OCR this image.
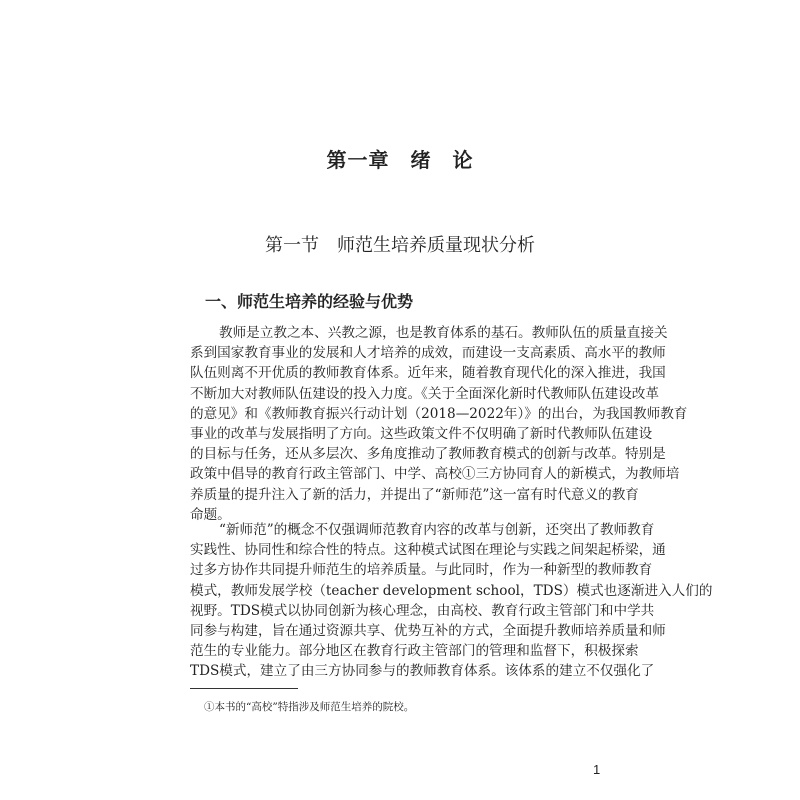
第一章　绪　论
第一节　师范生培养质量现状分析
一、师范生培养的经验与优势
教师是立教之本、兴教之源，也是教育体系的基石。教师队伍的质量直接关
系到国家教育事业的发展和人才培养的成效，而建设一支高素质、高水平的教师
队伍则离不开优质的教师教育体系。近年来，随着教育现代化的深入推进，我国
不断加大对教师队伍建设的投入力度。《关于全面深化新时代教师队伍建设改革
的意见》和《教师教育振兴行动计划（2018—2022年）》的出台，为我国教师教育
事业的改革与发展指明了方向。这些政策文件不仅明确了新时代教师队伍建设
的目标与任务，还从多层次、多角度推动了教师教育模式的创新与改革。特别是
政策中倡导的教育行政主管部门、中学、高校①三方协同育人的新模式，为教师培
养质量的提升注入了新的活力，并提出了“新师范”这一富有时代意义的教育
命题。
“新师范”的概念不仅强调师范教育内容的改革与创新，还突出了教师教育
实践性、协同性和综合性的特点。这种模式试图在理论与实践之间架起桥梁，通
过多方协作共同提升师范生的培养质量。与此同时，作为一种新型的教师教育
模式，教师发展学校（teacher development school，TDS）模式也逐渐进入人们的
视野。TDS模式以协同创新为核心理念，由高校、教育行政主管部门和中学共
同参与构建，旨在通过资源共享、优势互补的方式，全面提升教师培养质量和师
范生的专业能力。部分地区在教育行政主管部门的管理和监督下，积极探索
TDS模式，建立了由三方协同参与的教师教育体系。该体系的建立不仅强化了
①本书的“高校”特指涉及师范生培养的院校。
1
